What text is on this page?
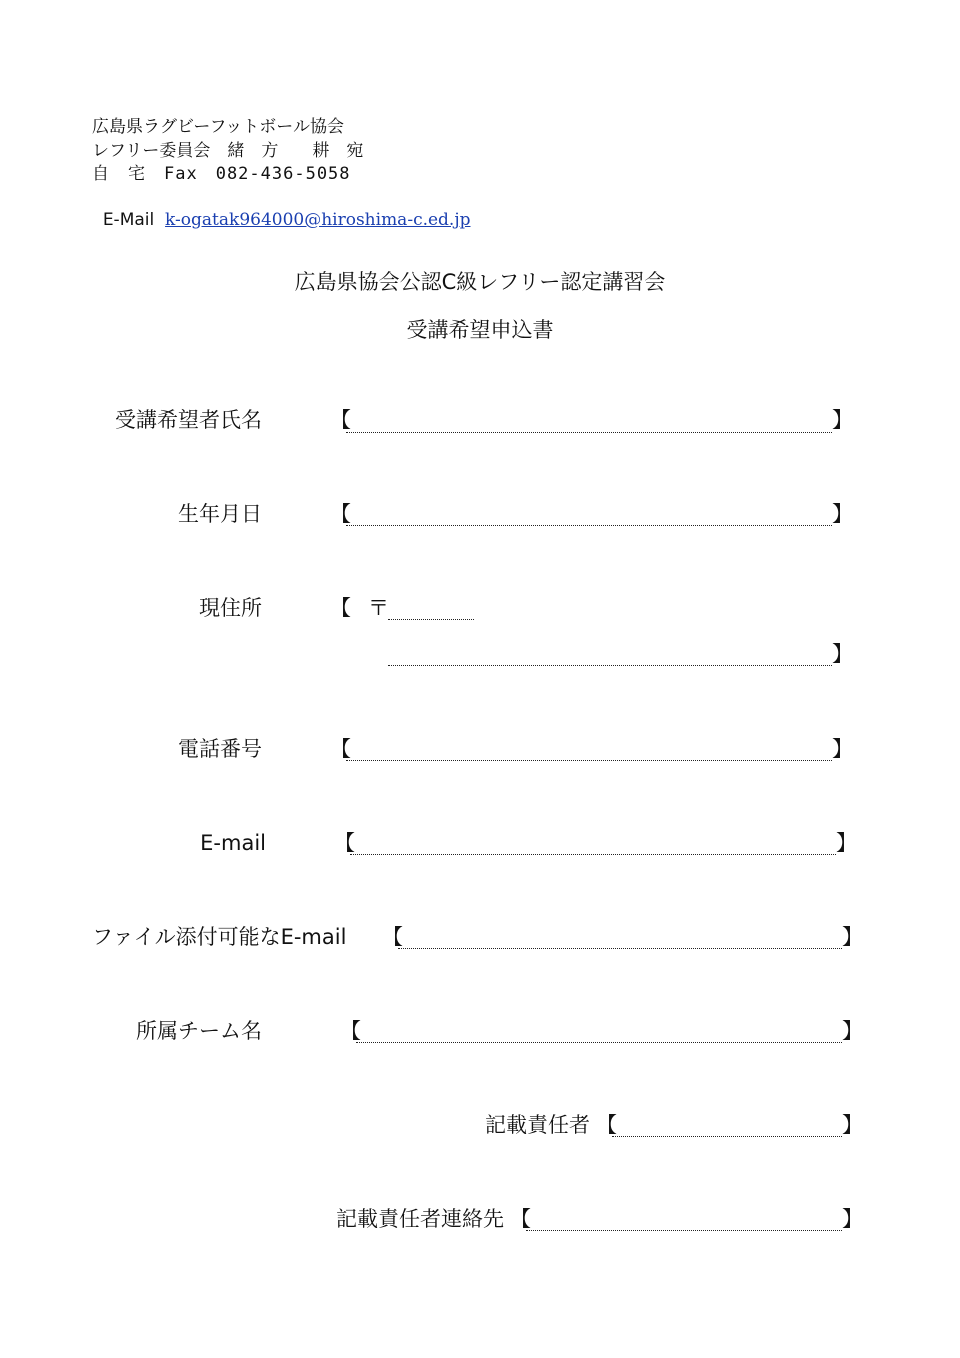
広島県ラグビーフットボール協会
レフリー委員会　緒　方　　耕　宛
自　宅　Fax　082-436-5058

E-Mail k-ogatak964000@hiroshima-c.ed.jp

広島県協会公認C級レフリー認定講習会
受講希望申込書
受講希望者氏名	【	】
生年月日	【	】
現住所	【 〒
】
電話番号	【	】
E-mail	【	】
ファイル添付可能なE-mail 【	】
所属チーム名	【	】
記載責任者 【	】
記載責任者連絡先 【	】
